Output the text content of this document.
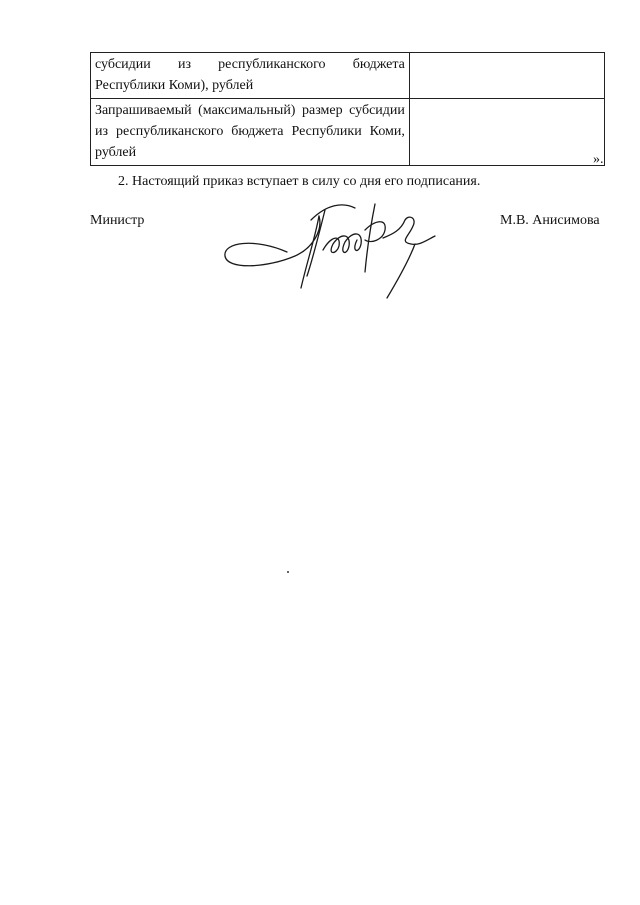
субсидии из республиканского бюджета Республики Коми), рублей	
Запрашиваемый (максимальный) размер субсидии из республиканского бюджета Республики Коми, рублей		».
2. Настоящий приказ вступает в силу со дня его подписания.
Министр	М.В. Анисимова
